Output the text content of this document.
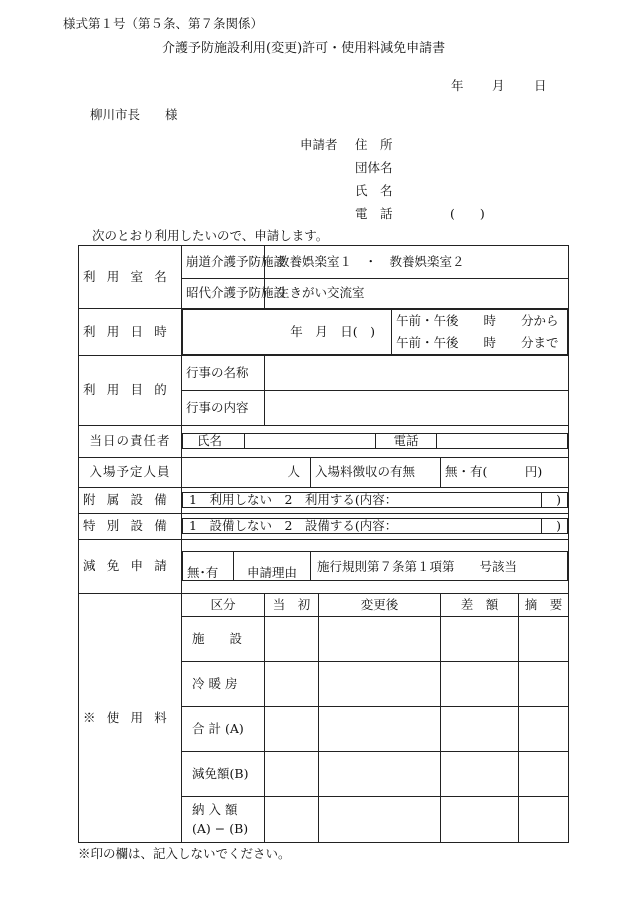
様式第１号（第５条、第７条関係）
介護予防施設利用(変更)許可・使用料減免申請書
年 月 日
柳川市長　　様
申請者 住　所
団体名
氏　名
電　話	(　　)
次のとおり利用したいので、申請します。
利用室名	崩道介護予防施設	教養娯楽室１　・　教養娯楽室２
昭代介護予防施設	生きがい交流室
利用日時		年　月　日(　)	
午前・午後　　時　　分から
午前・午後　　時　　分まで

利用目的	行事の名称	
行事の内容	
当日の責任者	氏名		電話	

入場予定人員	人	入場料徴収の有無	無・有(　　　円)
附属設備	1　利用しない　2　利用する(内容：	)

特別設備	1　設備しない　2　設備する(内容：	)

減免申請	無･有	申請理由	施行規則第７条第１項第　　号該当

※使用料	区分	当　初	変更後	差　額	摘　要
施　　設				
冷 暖 房				
合 計 (A)				
減免額(B)				

納 入 額
(A) − (B)

※印の欄は、記入しないでください。
